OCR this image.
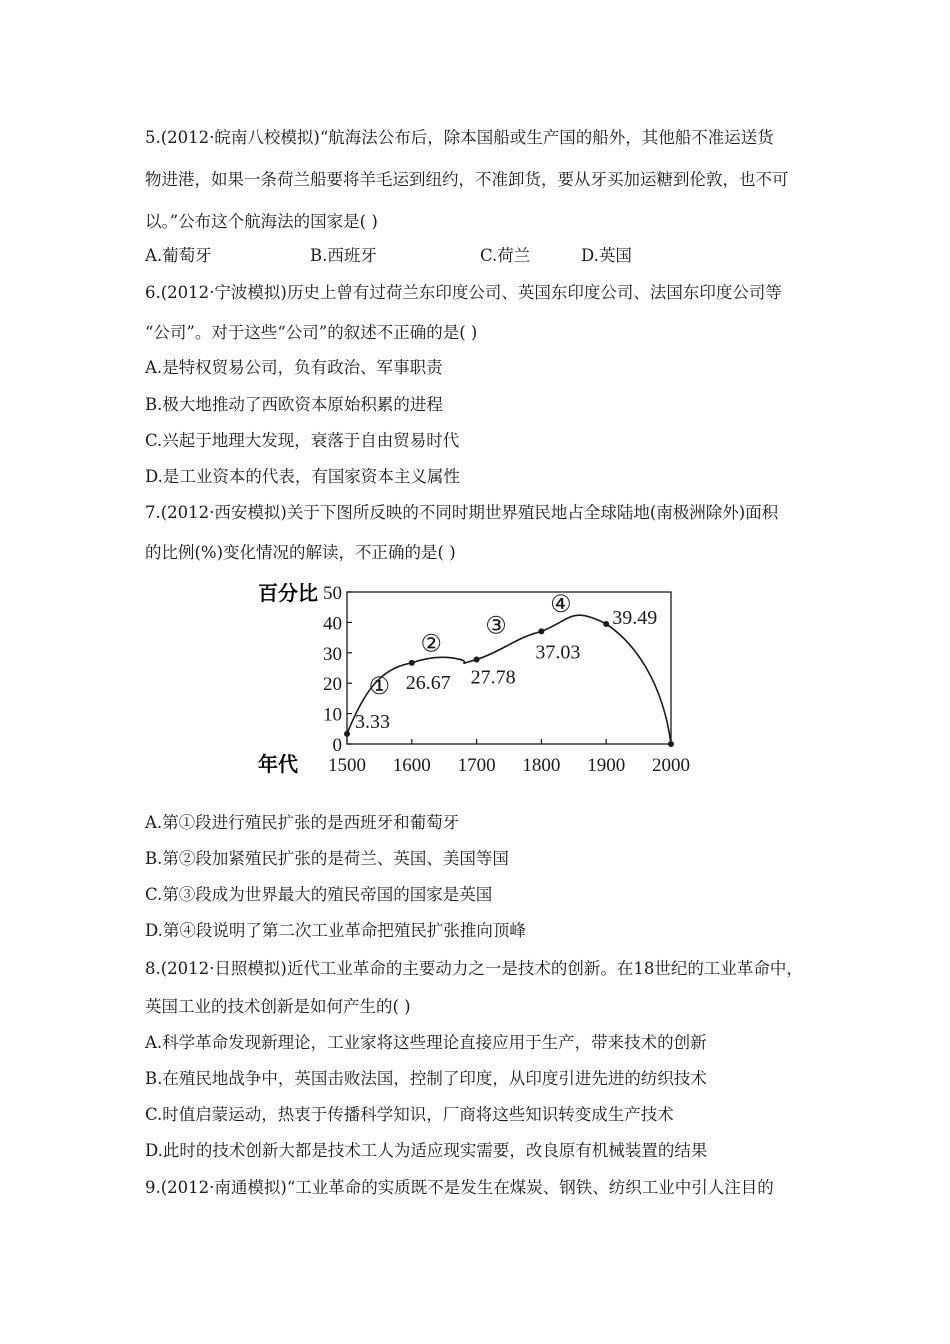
5.(2012·皖南八校模拟)“航海法公布后，除本国船或生产国的船外，其他船不准运送货
物进港，如果一条荷兰船要将羊毛运到纽约，不准卸货，要从牙买加运糖到伦敦，也不可
以。”公布这个航海法的国家是( )
A.葡萄牙	B.西班牙	C.荷兰	D.英国
6.(2012·宁波模拟)历史上曾有过荷兰东印度公司、英国东印度公司、法国东印度公司等
“公司”。对于这些“公司”的叙述不正确的是( )
A.是特权贸易公司，负有政治、军事职责
B.极大地推动了西欧资本原始积累的进程
C.兴起于地理大发现，衰落于自由贸易时代
D.是工业资本的代表，有国家资本主义属性
7.(2012·西安模拟)关于下图所反映的不同时期世界殖民地占全球陆地(南极洲除外)面积
的比例(%)变化情况的解读，不正确的是( )
百分比
年代
0
10
20
30
40
50
1500 1600 1700 1800 1900 2000
3.33
26.67 27.78
37.03
39.49
①
②
③
④
A.第①段进行殖民扩张的是西班牙和葡萄牙
B.第②段加紧殖民扩张的是荷兰、英国、美国等国
C.第③段成为世界最大的殖民帝国的国家是英国
D.第④段说明了第二次工业革命把殖民扩张推向顶峰
8.(2012·日照模拟)近代工业革命的主要动力之一是技术的创新。在18世纪的工业革命中，
英国工业的技术创新是如何产生的( )
A.科学革命发现新理论，工业家将这些理论直接应用于生产，带来技术的创新
B.在殖民地战争中，英国击败法国，控制了印度，从印度引进先进的纺织技术
C.时值启蒙运动，热衷于传播科学知识，厂商将这些知识转变成生产技术
D.此时的技术创新大都是技术工人为适应现实需要，改良原有机械装置的结果
9.(2012·南通模拟)“工业革命的实质既不是发生在煤炭、钢铁、纺织工业中引人注目的
